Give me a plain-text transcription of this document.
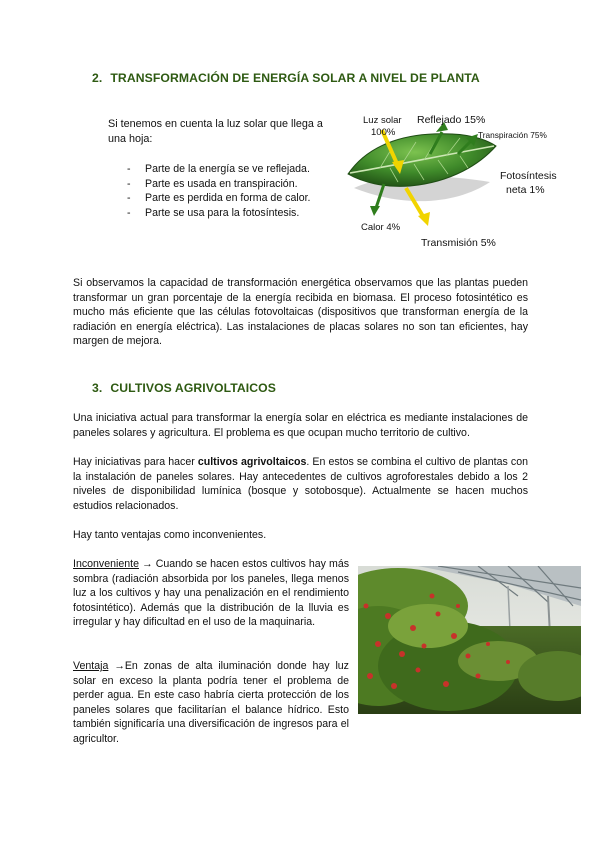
2. TRANSFORMACIÓN DE ENERGÍA SOLAR A NIVEL DE PLANTA
Si tenemos en cuenta la luz solar que llega a una hoja:
- Parte de la energía se ve reflejada.
- Parte es usada en transpiración.
- Parte es perdida en forma de calor.
- Parte se usa para la fotosíntesis.
Luz solar
100%
Reflejado 15%
Transpiración 75%
Fotosíntesis
neta 1%
Calor 4%
Transmisión 5%
Si observamos la capacidad de transformación energética observamos que las plantas pueden transformar un gran porcentaje de la energía recibida en biomasa. El proceso fotosintético es mucho más eficiente que las células fotovoltaicas (dispositivos que transforman energía de la radiación en energía eléctrica). Las instalaciones de placas solares no son tan eficientes, hay margen de mejora.
3. CULTIVOS AGRIVOLTAICOS
Una iniciativa actual para transformar la energía solar en eléctrica es mediante instalaciones de paneles solares y agricultura. El problema es que ocupan mucho territorio de cultivo.
Hay iniciativas para hacer cultivos agrivoltaicos. En estos se combina el cultivo de plantas con la instalación de paneles solares. Hay antecedentes de cultivos agroforestales debido a los 2 niveles de disponibilidad lumínica (bosque y sotobosque). Actualmente se hacen muchos estudios relacionados.
Hay tanto ventajas como inconvenientes.
Inconveniente → Cuando se hacen estos cultivos hay más sombra (radiación absorbida por los paneles, llega menos luz a los cultivos y hay una penalización en el rendimiento fotosintético). Además que la distribución de la lluvia es irregular y hay dificultad en el uso de la maquinaria.
Ventaja →En zonas de alta iluminación donde hay luz solar en exceso la planta podría tener el problema de perder agua. En este caso habría cierta protección de los paneles solares que facilitarían el balance hídrico. Esto también significaría una diversificación de ingresos para el agricultor.
